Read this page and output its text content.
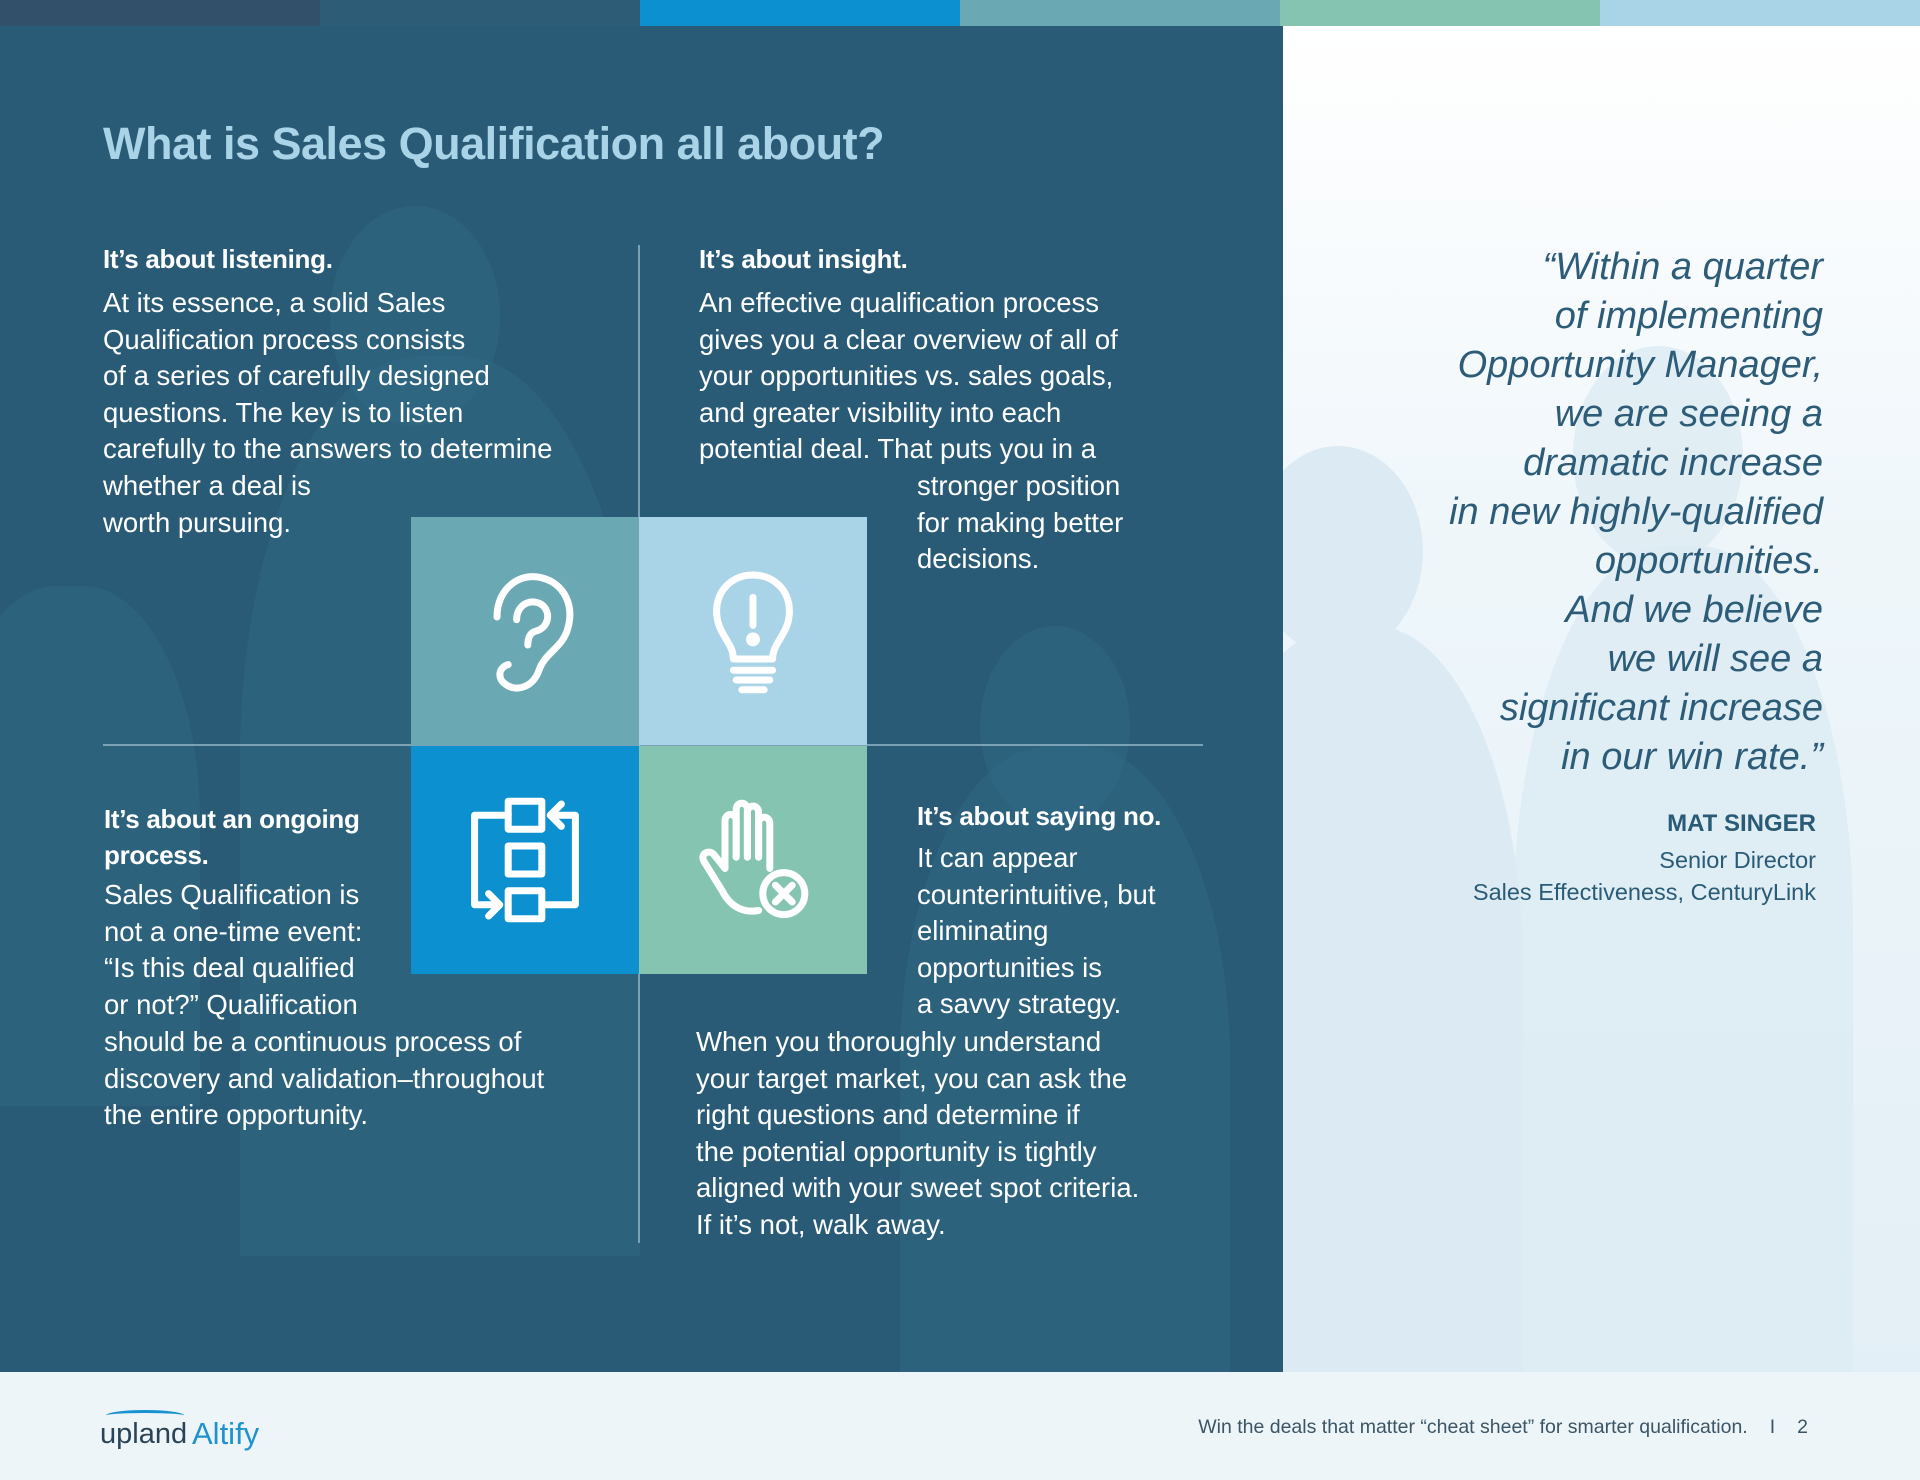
What is Sales Qualification all about?

It’s about listening.

At its essence, a solid Sales
Qualification process consists
of a series of carefully designed
questions. The key is to listen
carefully to the answers to determine

whether a deal is
worth pursuing.

It’s about insight.

An effective qualification process
gives you a clear overview of all of
your opportunities vs. sales goals,
and greater visibility into each
potential deal. That puts you in a

stronger position
for making better
decisions.

It’s about an ongoing
process.

Sales Qualification is
not a one-time event:
“Is this deal qualified
or not?” Qualification

should be a continuous process of
discovery and validation–throughout
the entire opportunity.

It’s about saying no.

It can appear
counterintuitive, but
eliminating
opportunities is
a savvy strategy.

When you thoroughly understand
your target market, you can ask the
right questions and determine if
the potential opportunity is tightly
aligned with your sweet spot criteria.
If it’s not, walk away.

“Within a quarter
of implementing
Opportunity Manager,
we are seeing a
dramatic increase
in new highly-qualified
opportunities.
And we believe
we will see a
significant increase
in our win rate.”

MAT SINGER

Senior Director

Sales Effectiveness, CenturyLink

upland Altify	Win the deals that matter “cheat sheet” for smarter qualification. I 2
